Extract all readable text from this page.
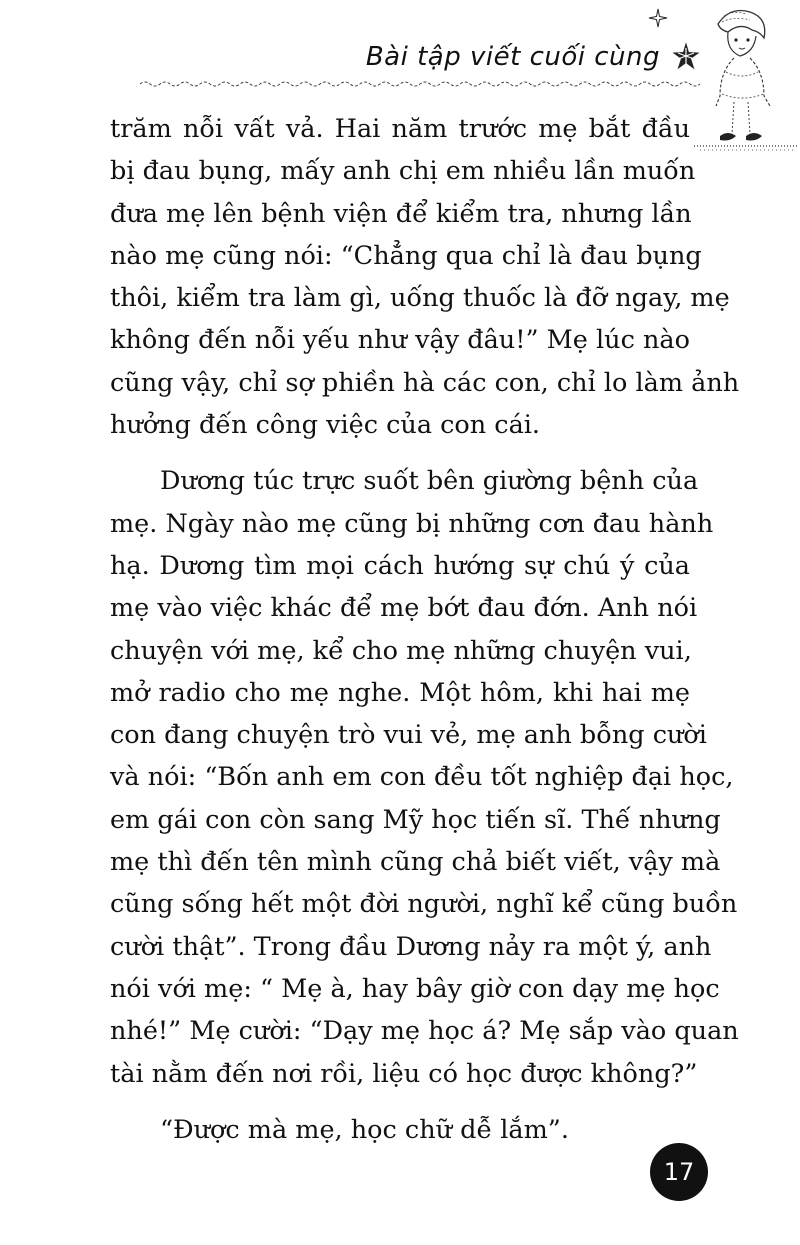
Bài tập viết cuối cùng
trăm nỗi vất vả. Hai năm trước mẹ bắt đầu
bị đau bụng, mấy anh chị em nhiều lần muốn
đưa mẹ lên bệnh viện để kiểm tra, nhưng lần
nào mẹ cũng nói: “Chẳng qua chỉ là đau bụng
thôi, kiểm tra làm gì, uống thuốc là đỡ ngay, mẹ
không đến nỗi yếu như vậy đâu!” Mẹ lúc nào
cũng vậy, chỉ sợ phiền hà các con, chỉ lo làm ảnh
hưởng đến công việc của con cái.
Dương túc trực suốt bên giường bệnh của
mẹ. Ngày nào mẹ cũng bị những cơn đau hành
hạ. Dương tìm mọi cách hướng sự chú ý của
mẹ vào việc khác để mẹ bớt đau đớn. Anh nói
chuyện với mẹ, kể cho mẹ những chuyện vui,
mở radio cho mẹ nghe. Một hôm, khi hai mẹ
con đang chuyện trò vui vẻ, mẹ anh bỗng cười
và nói: “Bốn anh em con đều tốt nghiệp đại học,
em gái con còn sang Mỹ học tiến sĩ. Thế nhưng
mẹ thì đến tên mình cũng chả biết viết, vậy mà
cũng sống hết một đời người, nghĩ kể cũng buồn
cười thật”. Trong đầu Dương nảy ra một ý, anh
nói với mẹ: “ Mẹ à, hay bây giờ con dạy mẹ học
nhé!” Mẹ cười: “Dạy mẹ học á? Mẹ sắp vào quan
tài nằm đến nơi rồi, liệu có học được không?”
“Được mà mẹ, học chữ dễ lắm”.
17
